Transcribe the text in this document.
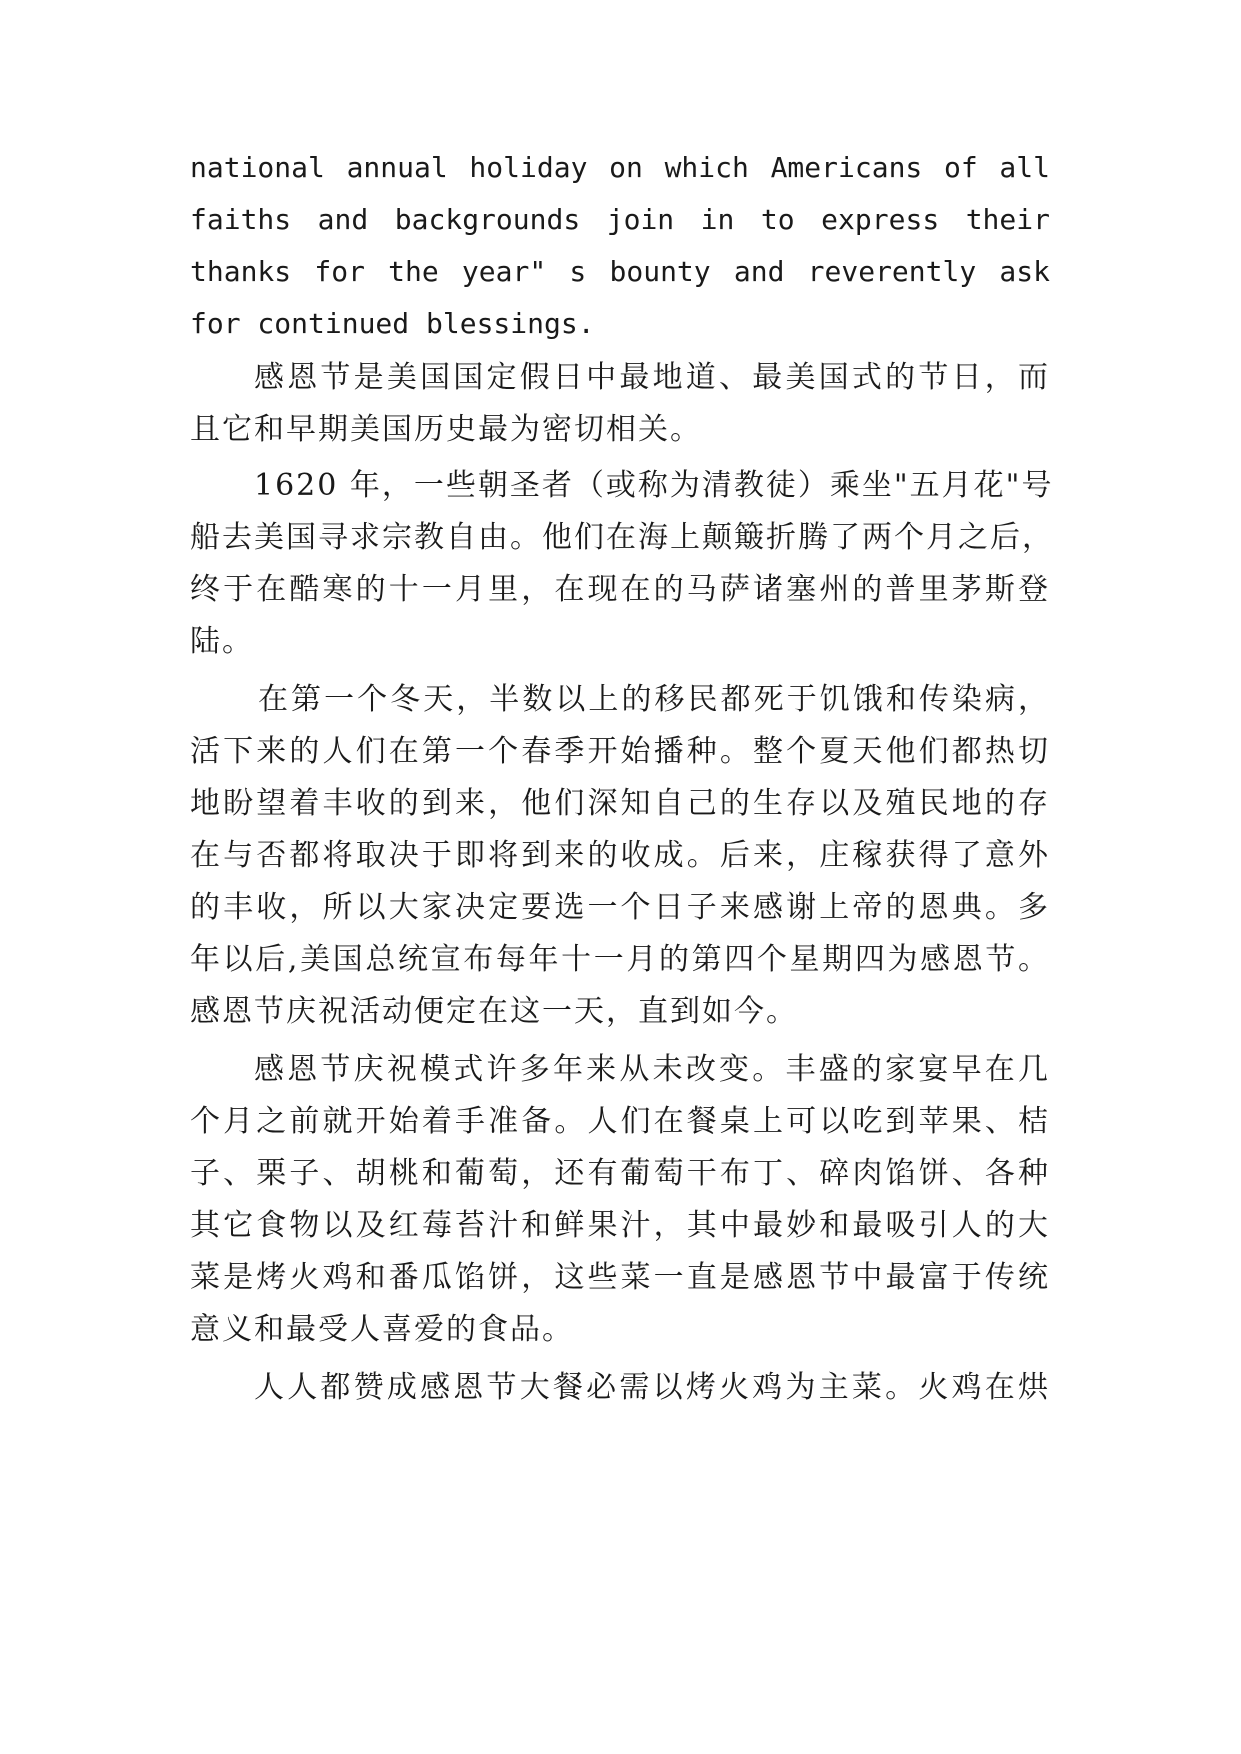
national annual holiday on which Americans of all
faiths and backgrounds join in to express their
thanks for the year" s bounty and reverently ask
for continued blessings.
感恩节是美国国定假日中最地道、最美国式的节日，而
且它和早期美国历史最为密切相关。
1620 年，一些朝圣者（或称为清教徒）乘坐"五月花"号
船去美国寻求宗教自由。他们在海上颠簸折腾了两个月之后，
终于在酷寒的十一月里，在现在的马萨诸塞州的普里茅斯登
陆。
在第一个冬天，半数以上的移民都死于饥饿和传染病，
活下来的人们在第一个春季开始播种。整个夏天他们都热切
地盼望着丰收的到来，他们深知自己的生存以及殖民地的存
在与否都将取决于即将到来的收成。后来，庄稼获得了意外
的丰收，所以大家决定要选一个日子来感谢上帝的恩典。多
年以后,美国总统宣布每年十一月的第四个星期四为感恩节。
感恩节庆祝活动便定在这一天，直到如今。
感恩节庆祝模式许多年来从未改变。丰盛的家宴早在几
个月之前就开始着手准备。人们在餐桌上可以吃到苹果、桔
子、栗子、胡桃和葡萄，还有葡萄干布丁、碎肉馅饼、各种
其它食物以及红莓苔汁和鲜果汁，其中最妙和最吸引人的大
菜是烤火鸡和番瓜馅饼，这些菜一直是感恩节中最富于传统
意义和最受人喜爱的食品。
人人都赞成感恩节大餐必需以烤火鸡为主菜。火鸡在烘
